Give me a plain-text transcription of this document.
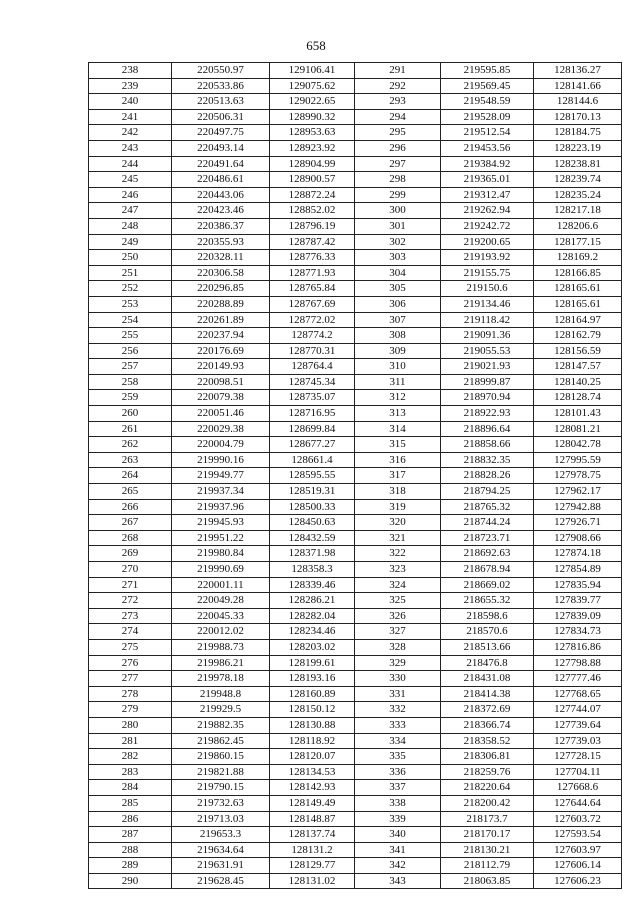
658
238	220550.97	129106.41	291	219595.85	128136.27
239	220533.86	129075.62	292	219569.45	128141.66
240	220513.63	129022.65	293	219548.59	128144.6
241	220506.31	128990.32	294	219528.09	128170.13
242	220497.75	128953.63	295	219512.54	128184.75
243	220493.14	128923.92	296	219453.56	128223.19
244	220491.64	128904.99	297	219384.92	128238.81
245	220486.61	128900.57	298	219365.01	128239.74
246	220443.06	128872.24	299	219312.47	128235.24
247	220423.46	128852.02	300	219262.94	128217.18
248	220386.37	128796.19	301	219242.72	128206.6
249	220355.93	128787.42	302	219200.65	128177.15
250	220328.11	128776.33	303	219193.92	128169.2
251	220306.58	128771.93	304	219155.75	128166.85
252	220296.85	128765.84	305	219150.6	128165.61
253	220288.89	128767.69	306	219134.46	128165.61
254	220261.89	128772.02	307	219118.42	128164.97
255	220237.94	128774.2	308	219091.36	128162.79
256	220176.69	128770.31	309	219055.53	128156.59
257	220149.93	128764.4	310	219021.93	128147.57
258	220098.51	128745.34	311	218999.87	128140.25
259	220079.38	128735.07	312	218970.94	128128.74
260	220051.46	128716.95	313	218922.93	128101.43
261	220029.38	128699.84	314	218896.64	128081.21
262	220004.79	128677.27	315	218858.66	128042.78
263	219990.16	128661.4	316	218832.35	127995.59
264	219949.77	128595.55	317	218828.26	127978.75
265	219937.34	128519.31	318	218794.25	127962.17
266	219937.96	128500.33	319	218765.32	127942.88
267	219945.93	128450.63	320	218744.24	127926.71
268	219951.22	128432.59	321	218723.71	127908.66
269	219980.84	128371.98	322	218692.63	127874.18
270	219990.69	128358.3	323	218678.94	127854.89
271	220001.11	128339.46	324	218669.02	127835.94
272	220049.28	128286.21	325	218655.32	127839.77
273	220045.33	128282.04	326	218598.6	127839.09
274	220012.02	128234.46	327	218570.6	127834.73
275	219988.73	128203.02	328	218513.66	127816.86
276	219986.21	128199.61	329	218476.8	127798.88
277	219978.18	128193.16	330	218431.08	127777.46
278	219948.8	128160.89	331	218414.38	127768.65
279	219929.5	128150.12	332	218372.69	127744.07
280	219882.35	128130.88	333	218366.74	127739.64
281	219862.45	128118.92	334	218358.52	127739.03
282	219860.15	128120.07	335	218306.81	127728.15
283	219821.88	128134.53	336	218259.76	127704.11
284	219790.15	128142.93	337	218220.64	127668.6
285	219732.63	128149.49	338	218200.42	127644.64
286	219713.03	128148.87	339	218173.7	127603.72
287	219653.3	128137.74	340	218170.17	127593.54
288	219634.64	128131.2	341	218130.21	127603.97
289	219631.91	128129.77	342	218112.79	127606.14
290	219628.45	128131.02	343	218063.85	127606.23
